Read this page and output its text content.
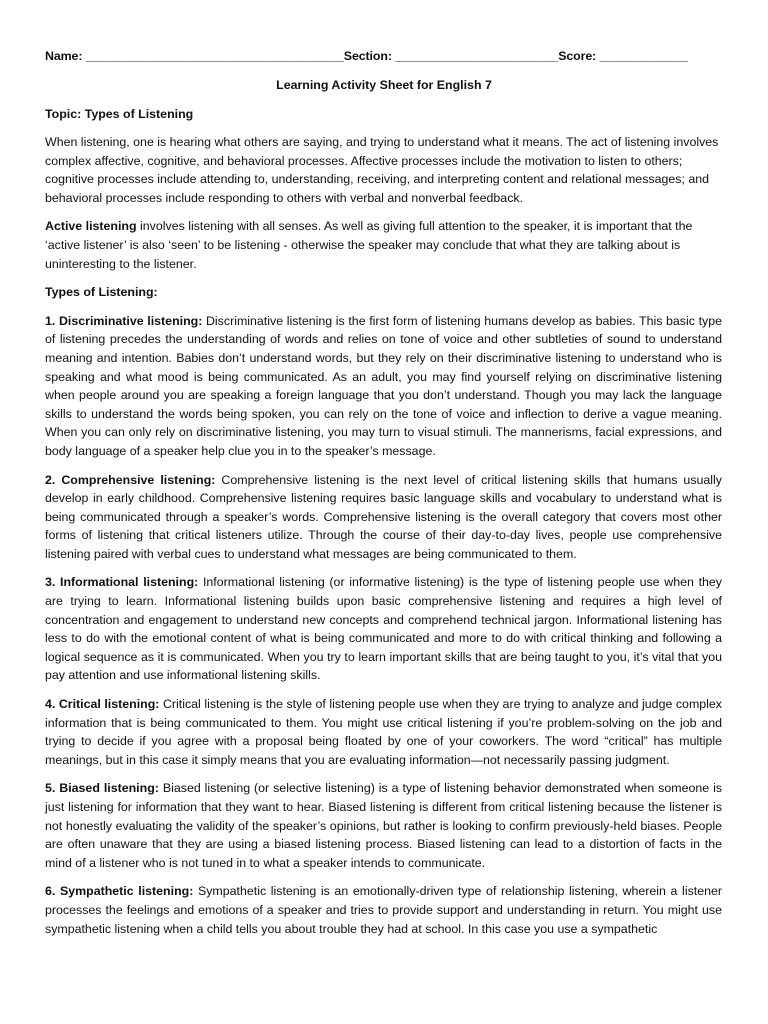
Name: ______________________________________Section: ________________________Score: _____________
Learning Activity Sheet for English 7
Topic: Types of Listening

When listening, one is hearing what others are saying, and trying to understand what it means. The act of listening involves complex affective, cognitive, and behavioral processes. Affective processes include the motivation to listen to others; cognitive processes include attending to, understanding, receiving, and interpreting content and relational messages; and behavioral processes include responding to others with verbal and nonverbal feedback.

Active listening involves listening with all senses. As well as giving full attention to the speaker, it is important that the ‘active listener’ is also ‘seen’ to be listening - otherwise the speaker may conclude that what they are talking about is uninteresting to the listener.

Types of Listening:

1. Discriminative listening: Discriminative listening is the first form of listening humans develop as babies. This basic type of listening precedes the understanding of words and relies on tone of voice and other subtleties of sound to understand meaning and intention. Babies don’t understand words, but they rely on their discriminative listening to understand who is speaking and what mood is being communicated. As an adult, you may find yourself relying on discriminative listening when people around you are speaking a foreign language that you don’t understand. Though you may lack the language skills to understand the words being spoken, you can rely on the tone of voice and inflection to derive a vague meaning. When you can only rely on discriminative listening, you may turn to visual stimuli. The mannerisms, facial expressions, and body language of a speaker help clue you in to the speaker’s message.

2. Comprehensive listening: Comprehensive listening is the next level of critical listening skills that humans usually develop in early childhood. Comprehensive listening requires basic language skills and vocabulary to understand what is being communicated through a speaker’s words. Comprehensive listening is the overall category that covers most other forms of listening that critical listeners utilize. Through the course of their day-to-day lives, people use comprehensive listening paired with verbal cues to understand what messages are being communicated to them.

3. Informational listening: Informational listening (or informative listening) is the type of listening people use when they are trying to learn. Informational listening builds upon basic comprehensive listening and requires a high level of concentration and engagement to understand new concepts and comprehend technical jargon. Informational listening has less to do with the emotional content of what is being communicated and more to do with critical thinking and following a logical sequence as it is communicated. When you try to learn important skills that are being taught to you, it’s vital that you pay attention and use informational listening skills.

4. Critical listening: Critical listening is the style of listening people use when they are trying to analyze and judge complex information that is being communicated to them. You might use critical listening if you’re problem-solving on the job and trying to decide if you agree with a proposal being floated by one of your coworkers. The word “critical” has multiple meanings, but in this case it simply means that you are evaluating information—not necessarily passing judgment.

5. Biased listening: Biased listening (or selective listening) is a type of listening behavior demonstrated when someone is just listening for information that they want to hear. Biased listening is different from critical listening because the listener is not honestly evaluating the validity of the speaker’s opinions, but rather is looking to confirm previously-held biases. People are often unaware that they are using a biased listening process. Biased listening can lead to a distortion of facts in the mind of a listener who is not tuned in to what a speaker intends to communicate.

6. Sympathetic listening: Sympathetic listening is an emotionally-driven type of relationship listening, wherein a listener processes the feelings and emotions of a speaker and tries to provide support and understanding in return. You might use sympathetic listening when a child tells you about trouble they had at school. In this case you use a sympathetic
